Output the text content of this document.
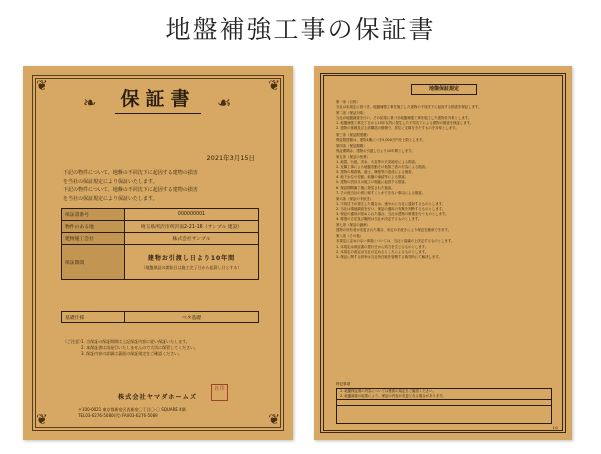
地盤補強工事の保証書
❦	❦
❦	❦
❧	☙
保証書
2021年3月15日
下記の物件について、地盤の不同沈下に起因する建物の損害
を当社の保証規定により保証いたします。
下記の物件について、地盤の不同沈下に起因する建物の損害
を当社の保証規定により保証いたします。
保証書番号	000000001
物件のある地	埼玉県所沢市所沢南2-21-16（サンプル 建設）
建物施工会社	株式会社サンプル
保証期間	建物お引渡し日より10年間
（地盤保証の開始日は施工完了日から起算し日とする）
基礎仕様	ベタ基礎
（ご注意）
1. 当保証の保証期間は上記保証内容に従い保証いたします。
2. 本保証書は再発行いたしませんので大切に保管してください。
3. 保証内容の詳細は裏面の保証規定をご確認ください。
株式会社ヤマダホームズ
社印
〒100-0021 東京都新宿区西新宿〇丁目〇-〇 SQUARE 4階
TEL03-6276-5080(代) FAX03-6276-5089
地盤保証規定

第一条（目的）

当社は本規定に基づき、地盤補強工事を施工した建物の不同沈下に起因する損害を保証します。

第二条（保証対象）

当社が地盤調査を行い、その結果に基づき地盤補強工事を施工した建物を対象とします。

1. 地盤補強工事完了日から10年以内に発生した不同沈下による建物の損害を保証します。

2. 建物の基礎及び上部構造の損傷で、居住に支障をきたすものを対象とします。

第三条（保証限度額）

保証限度額は、建物1棟につき5,000万円を上限とします。

第四条（保証期間）

保証期間は、建物お引渡し日より10年間とします。

第五条（保証の免責）

1. 地震、台風、洪水、火災等の天災地変による損害。

2. 近隣工事による地盤変動その他第三者の行為による損害。

3. 建物の増改築、盛土、擁壁等の造成による損害。

4. 地下水位の変動、地盤の凍結等による損害。

5. 建物の設計又は施工の瑕疵に起因する損害。

6. 保証期間満了後に発見された損害。

7. その他当社の責に帰すことができない事由による損害。

第六条（保証の手続き）

1. 不同沈下が発生した場合は、速やかに当社に通知するものとします。

2. 当社は現地調査を行い、保証の適用の有無を判断するものとします。

3. 保証の適用が認められた場合、当社は建物の修復を行うものとします。

4. 修復の方法及び範囲は当社が決定するものとします。

第七条（保証の継承）

建物の所有者が変更された場合、所定の手続きにより保証を継承できます。

第八条（その他）

本規定に定めのない事項については、当社と協議の上決定するものとします。

1. 本規定は保証書の発行日から効力を生じるものとします。

2. 本規定の改定は当社の定めるところによるものとします。

3. 保証に関する紛争は当社所在地を管轄する裁判所にて解決します。

特記事項

1. 地盤保証書の内容については裏面の規定をご確認ください。

2. 地盤調査の結果により、保証の内容が変更となる場合があります。

1/1
